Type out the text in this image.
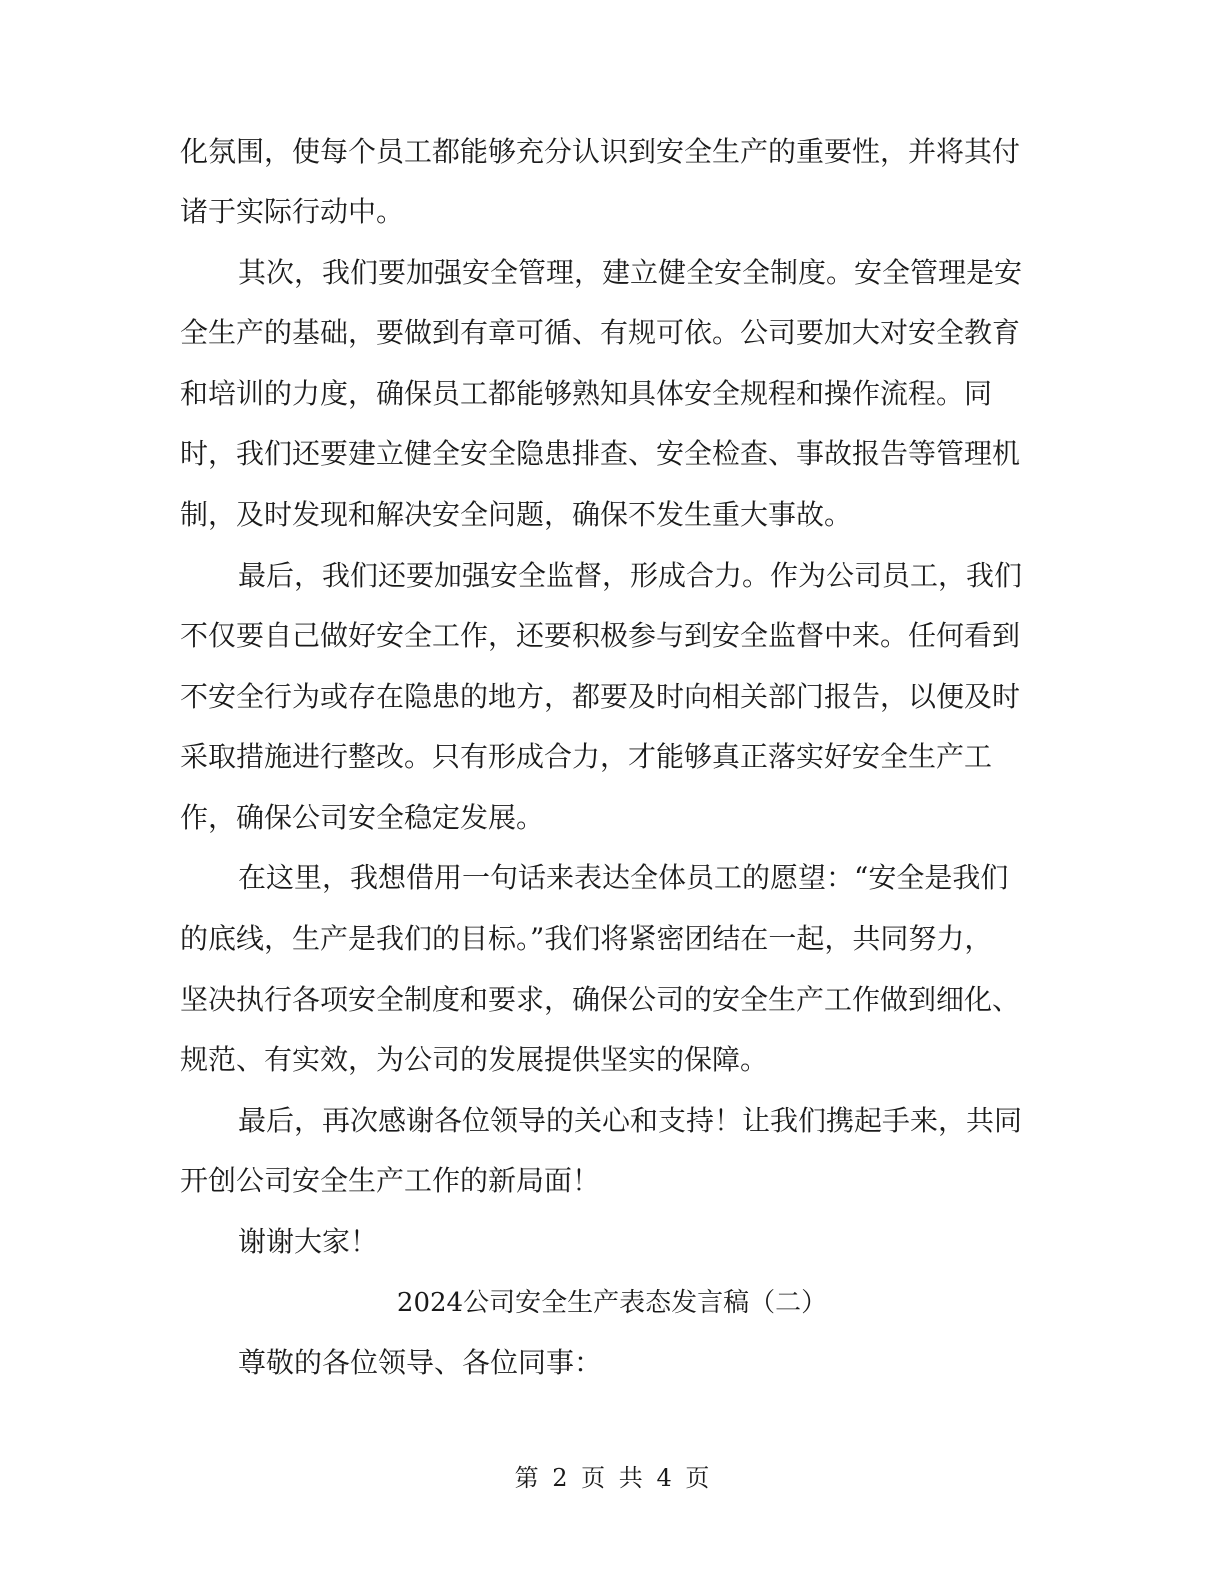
化氛围，使每个员工都能够充分认识到安全生产的重要性，并将其付
诸于实际行动中。
其次，我们要加强安全管理，建立健全安全制度。安全管理是安
全生产的基础，要做到有章可循、有规可依。公司要加大对安全教育
和培训的力度，确保员工都能够熟知具体安全规程和操作流程。同
时，我们还要建立健全安全隐患排查、安全检查、事故报告等管理机
制，及时发现和解决安全问题，确保不发生重大事故。
最后，我们还要加强安全监督，形成合力。作为公司员工，我们
不仅要自己做好安全工作，还要积极参与到安全监督中来。任何看到
不安全行为或存在隐患的地方，都要及时向相关部门报告，以便及时
采取措施进行整改。只有形成合力，才能够真正落实好安全生产工
作，确保公司安全稳定发展。
在这里，我想借用一句话来表达全体员工的愿望：“安全是我们
的底线，生产是我们的目标。”我们将紧密团结在一起，共同努力，
坚决执行各项安全制度和要求，确保公司的安全生产工作做到细化、
规范、有实效，为公司的发展提供坚实的保障。
最后，再次感谢各位领导的关心和支持！让我们携起手来，共同
开创公司安全生产工作的新局面！
谢谢大家！
2024公司安全生产表态发言稿（二）
尊敬的各位领导、各位同事：
第 2 页 共 4 页
